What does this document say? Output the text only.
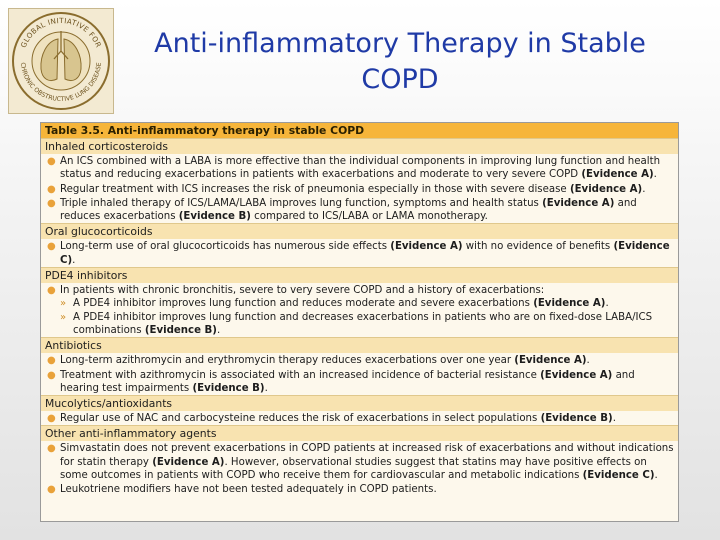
GLOBAL INITIATIVE FOR
CHRONIC OBSTRUCTIVE LUNG DISEASE
Anti-inflammatory Therapy in Stable COPD
Table 3.5. Anti-inflammatory therapy in stable COPD
Inhaled corticosteroids
● An ICS combined with a LABA is more effective than the individual components in improving lung function and health status and reducing exacerbations in patients with exacerbations and moderate to very severe COPD (Evidence A).
● Regular treatment with ICS increases the risk of pneumonia especially in those with severe disease (Evidence A).
● Triple inhaled therapy of ICS/LAMA/LABA improves lung function, symptoms and health status (Evidence A) and reduces exacerbations (Evidence B) compared to ICS/LABA or LAMA monotherapy.
Oral glucocorticoids
● Long-term use of oral glucocorticoids has numerous side effects (Evidence A) with no evidence of benefits (Evidence C).
PDE4 inhibitors
● In patients with chronic bronchitis, severe to very severe COPD and a history of exacerbations:
» A PDE4 inhibitor improves lung function and reduces moderate and severe exacerbations (Evidence A).
» A PDE4 inhibitor improves lung function and decreases exacerbations in patients who are on fixed-dose LABA/ICS combinations (Evidence B).
Antibiotics
● Long-term azithromycin and erythromycin therapy reduces exacerbations over one year (Evidence A).
● Treatment with azithromycin is associated with an increased incidence of bacterial resistance (Evidence A) and hearing test impairments (Evidence B).
Mucolytics/antioxidants
● Regular use of NAC and carbocysteine reduces the risk of exacerbations in select populations (Evidence B).
Other anti-inflammatory agents
● Simvastatin does not prevent exacerbations in COPD patients at increased risk of exacerbations and without indications for statin therapy (Evidence A). However, observational studies suggest that statins may have positive effects on some outcomes in patients with COPD who receive them for cardiovascular and metabolic indications (Evidence C).
● Leukotriene modifiers have not been tested adequately in COPD patients.
